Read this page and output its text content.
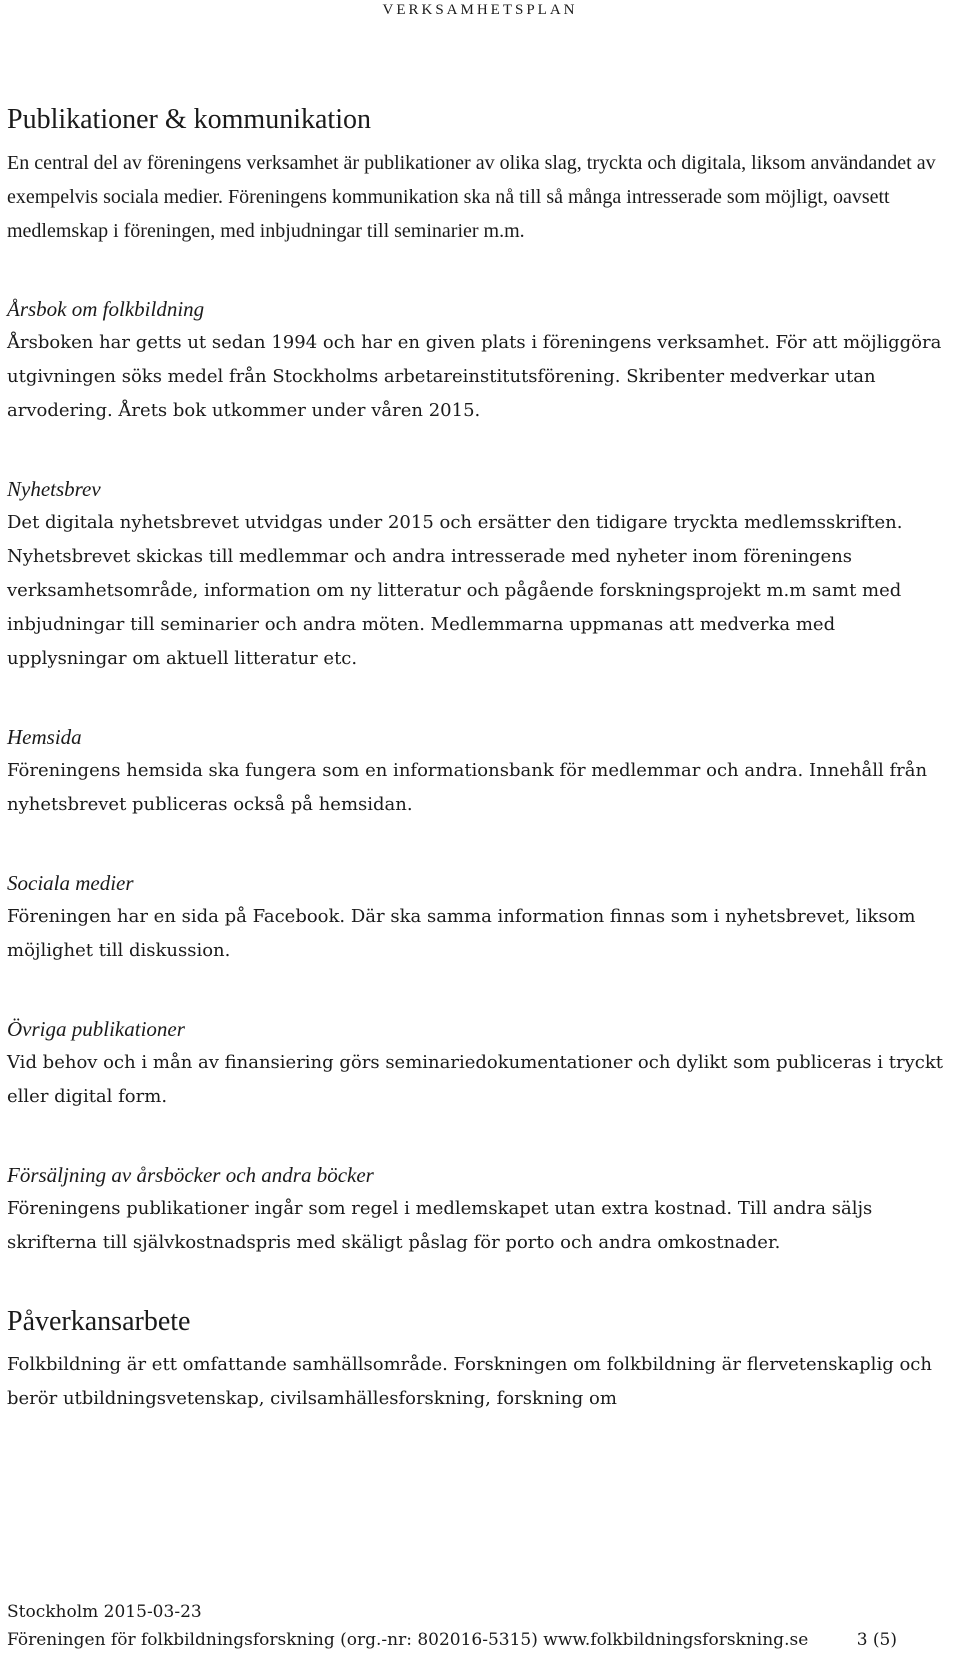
VERKSAMHETSPLAN
Publikationer & kommunikation

En central del av föreningens verksamhet är publikationer av olika slag, tryckta och digitala, liksom användandet av exempelvis sociala medier. Föreningens kommunikation ska nå till så många intresserade som möjligt, oavsett medlemskap i föreningen, med inbjudningar till seminarier m.m.

Årsbok om folkbildning

Årsboken har getts ut sedan 1994 och har en given plats i föreningens verksamhet. För att möjliggöra utgivningen söks medel från Stockholms arbetareinstitutsförening. Skribenter medverkar utan arvodering. Årets bok utkommer under våren 2015.

Nyhetsbrev

Det digitala nyhetsbrevet utvidgas under 2015 och ersätter den tidigare tryckta medlemsskriften. Nyhetsbrevet skickas till medlemmar och andra intresserade med nyheter inom föreningens verksamhetsområde, information om ny litteratur och pågående forskningsprojekt m.m samt med inbjudningar till seminarier och andra möten. Medlemmarna uppmanas att medverka med upplysningar om aktuell litteratur etc.

Hemsida

Föreningens hemsida ska fungera som en informationsbank för medlemmar och andra. Innehåll från nyhetsbrevet publiceras också på hemsidan.

Sociala medier

Föreningen har en sida på Facebook. Där ska samma information finnas som i nyhetsbrevet, liksom möjlighet till diskussion.

Övriga publikationer

Vid behov och i mån av finansiering görs seminariedokumentationer och dylikt som publiceras i tryckt eller digital form.

Försäljning av årsböcker och andra böcker

Föreningens publikationer ingår som regel i medlemskapet utan extra kostnad. Till andra säljs skrifterna till självkostnadspris med skäligt påslag för porto och andra omkostnader.

Påverkansarbete

Folkbildning är ett omfattande samhällsområde. Forskningen om folkbildning är flervetenskaplig och berör utbildningsvetenskap, civilsamhällesforskning, forskning om

Stockholm 2015-03-23
Föreningen för folkbildningsforskning (org.-nr: 802016-5315) www.folkbildningsforskning.se	3 (5)
